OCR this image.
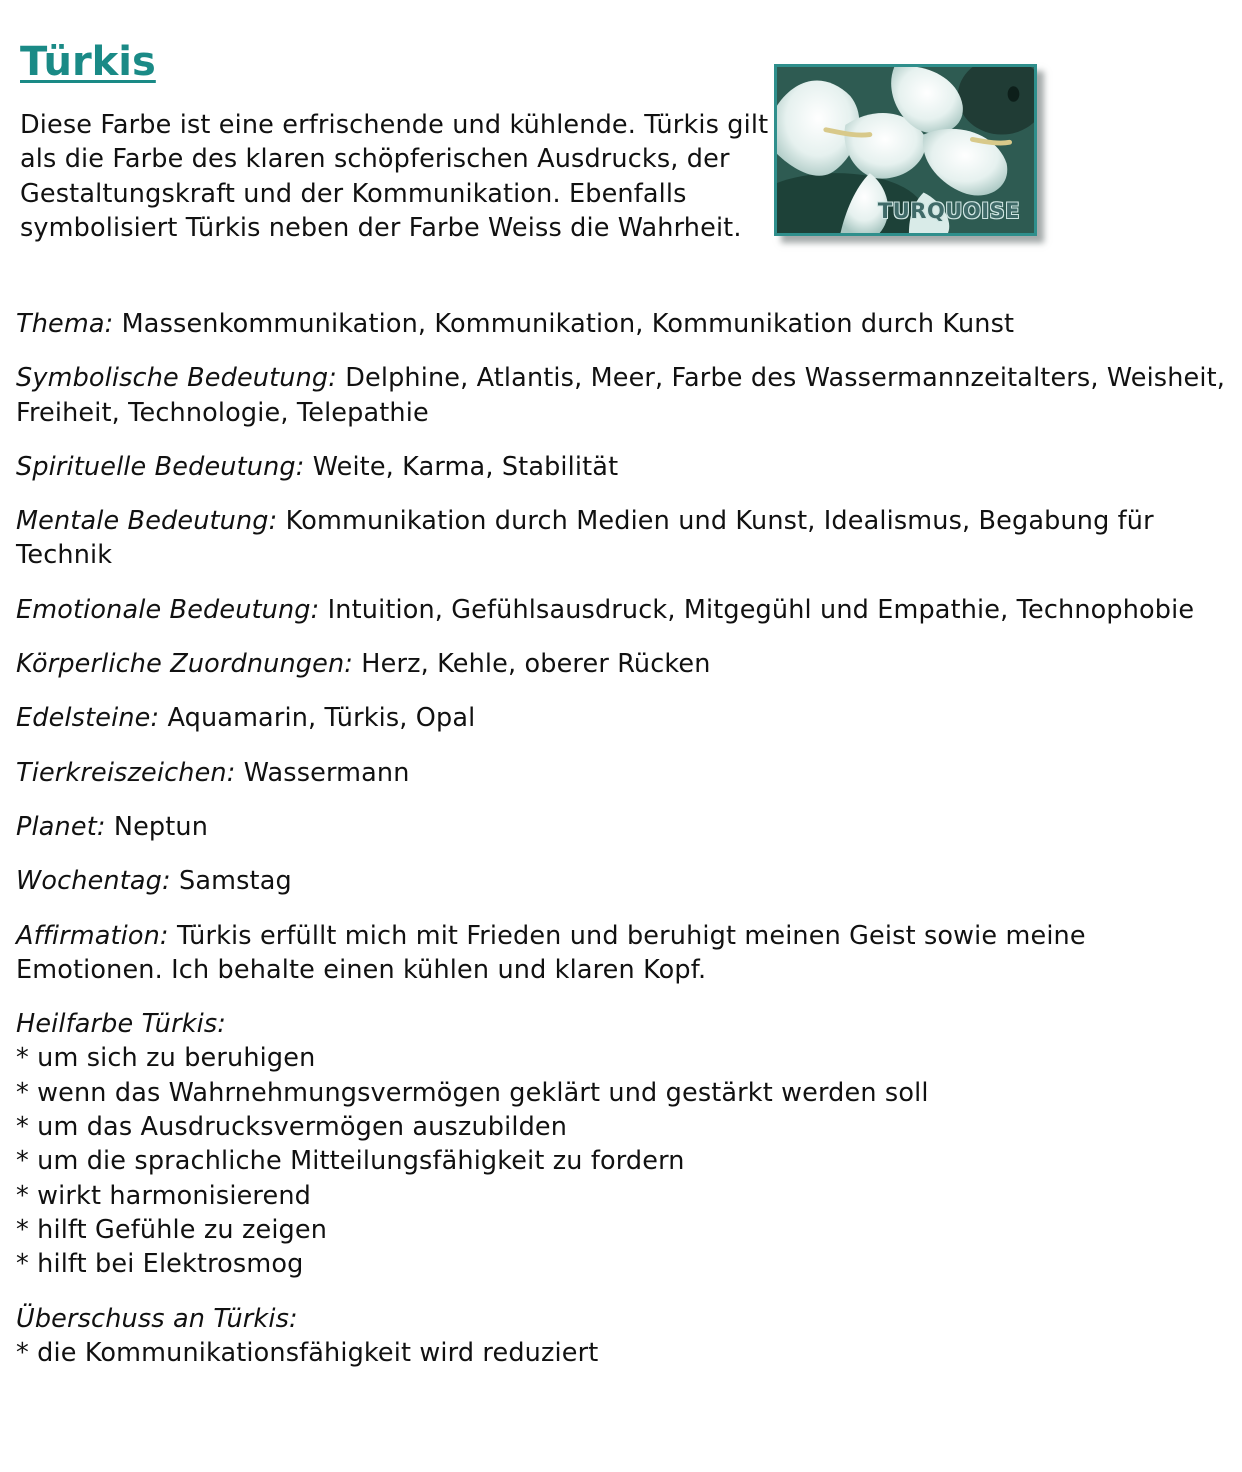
Türkis

Diese Farbe ist eine erfrischende und kühlende. Türkis gilt als die Farbe des klaren schöpferischen Ausdrucks, der Gestaltungskraft und der Kommunikation. Ebenfalls symbolisiert Türkis neben der Farbe Weiss die Wahrheit.

TURQUOISE

Thema: Massenkommunikation, Kommunikation, Kommunikation durch Kunst

Symbolische Bedeutung: Delphine, Atlantis, Meer, Farbe des Wassermannzeitalters, Weisheit, Freiheit, Technologie, Telepathie

Spirituelle Bedeutung: Weite, Karma, Stabilität

Mentale Bedeutung: Kommunikation durch Medien und Kunst, Idealismus, Begabung für Technik

Emotionale Bedeutung: Intuition, Gefühlsausdruck, Mitgegühl und Empathie, Technophobie

Körperliche Zuordnungen: Herz, Kehle, oberer Rücken

Edelsteine: Aquamarin, Türkis, Opal

Tierkreiszeichen: Wassermann

Planet: Neptun

Wochentag: Samstag

Affirmation: Türkis erfüllt mich mit Frieden und beruhigt meinen Geist sowie meine Emotionen. Ich behalte einen kühlen und klaren Kopf.

Heilfarbe Türkis:
* um sich zu beruhigen
* wenn das Wahrnehmungsvermögen geklärt und gestärkt werden soll
* um das Ausdrucksvermögen auszubilden
* um die sprachliche Mitteilungsfähigkeit zu fordern
* wirkt harmonisierend
* hilft Gefühle zu zeigen
* hilft bei Elektrosmog

Überschuss an Türkis:
* die Kommunikationsfähigkeit wird reduziert
